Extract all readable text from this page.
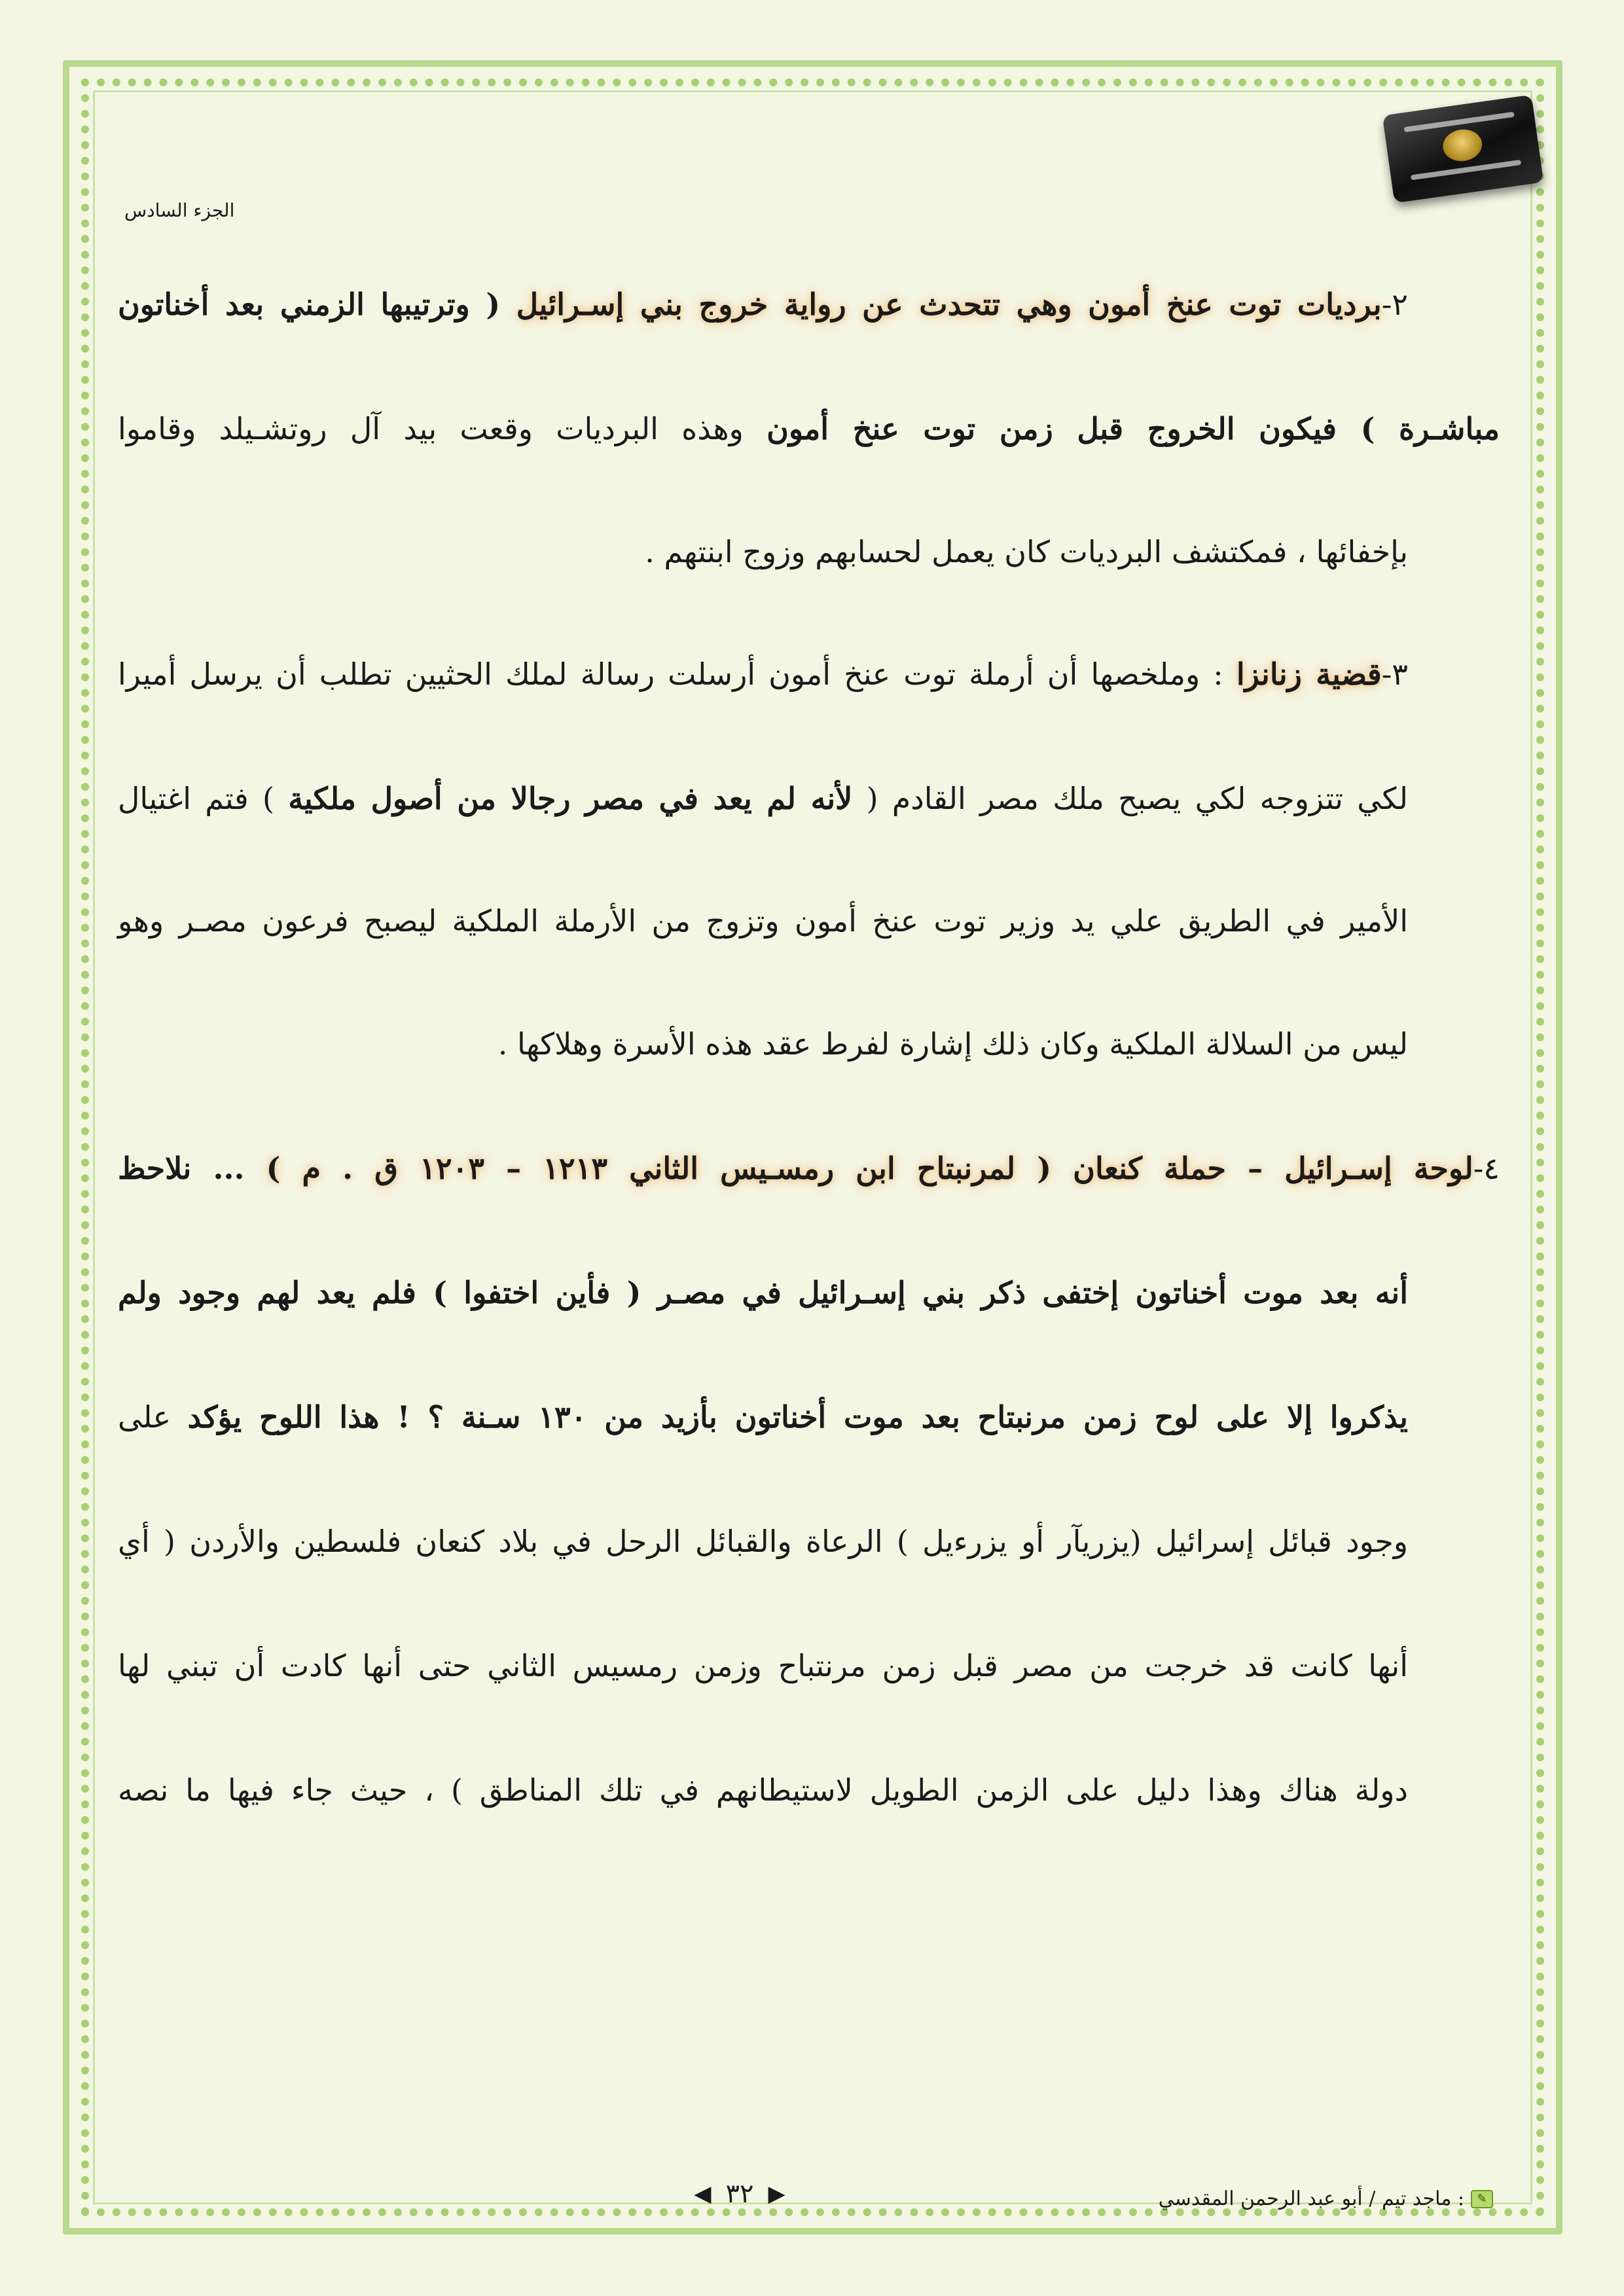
الجزء السادس
٢-برديات توت عنخ أمون وهي تتحدث عن رواية خروج بني إسـرائيل ( وترتيبها الزمني بعد أخناتون
مباشـرة ) فيكون الخروج قبل زمن توت عنخ أمون وهذه البرديات وقعت بيد آل روتشـيلد وقاموا
بإخفائها ، فمكتشف البرديات كان يعمل لحسابهم وزوج ابنتهم .
٣-قضية زنانزا : وملخصها أن أرملة توت عنخ أمون أرسلت رسالة لملك الحثيين تطلب أن يرسل أميرا
لكي تتزوجه لكي يصبح ملك مصر القادم ( لأنه لم يعد في مصر رجالا من أصول ملكية ) فتم اغتيال
الأمير في الطريق علي يد وزير توت عنخ أمون وتزوج من الأرملة الملكية ليصبح فرعون مصـر وهو
ليس من السلالة الملكية وكان ذلك إشارة لفرط عقد هذه الأسرة وهلاكها .
٤-لوحة إسـرائيل – حملة كنعان ( لمرنبتاح ابن رمسـيس الثاني ١٢١٣ – ١٢٠٣ ق . م ) ... نلاحظ
أنه بعد موت أخناتون إختفى ذكر بني إسـرائيل في مصـر ( فأين اختفوا ) فلم يعد لهم وجود ولم
يذكروا إلا على لوح زمن مرنبتاح بعد موت أخناتون بأزيد من ١٣٠ سـنة ؟ ! هذا اللوح يؤكد على
وجود قبائل إسرائيل (يزريآر أو يزرءيل ) الرعاة والقبائل الرحل في بلاد كنعان فلسطين والأردن ( أي
أنها كانت قد خرجت من مصر قبل زمن مرنتباح وزمن رمسيس الثاني حتى أنها كادت أن تبني لها
دولة هناك وهذا دليل على الزمن الطويل لاستيطانهم في تلك المناطق ) ، حيث جاء فيها ما نصه
▶
٣٢
◀	✎
: ماجد تيم / أبو عبد الرحمن المقدسي
